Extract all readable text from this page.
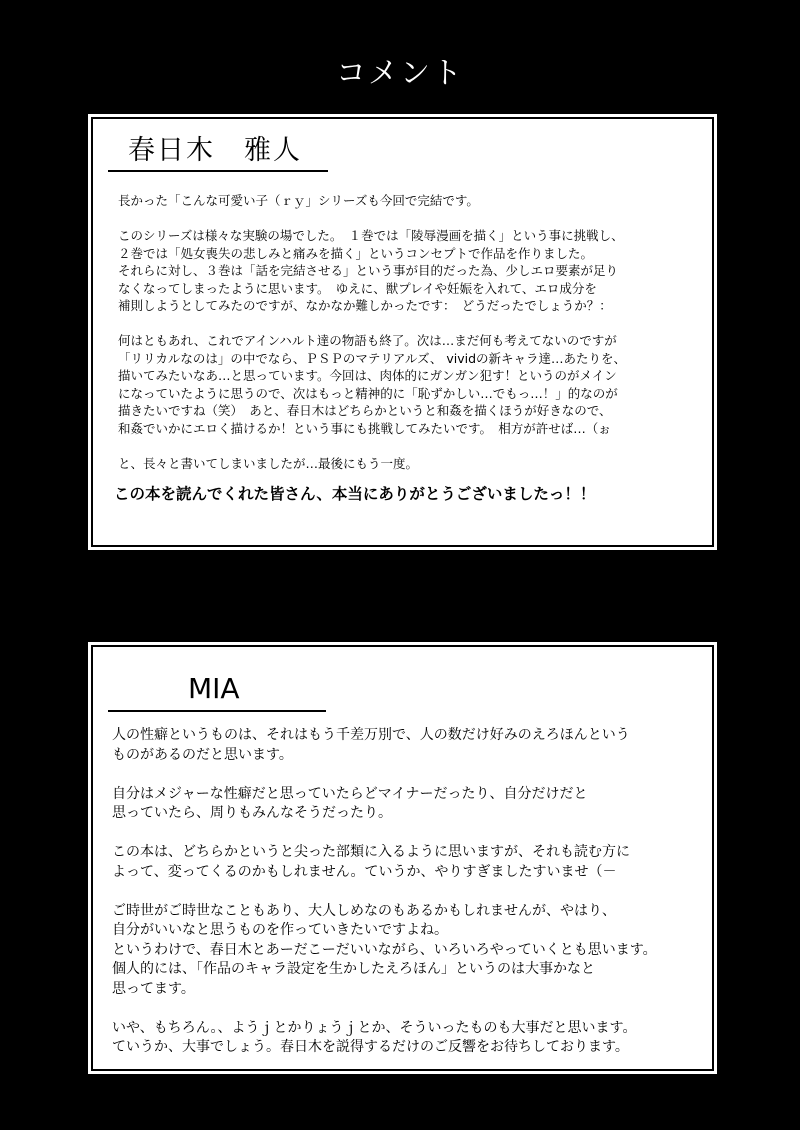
コメント
春日木　雅人
長かった「こんな可愛い子（ｒｙ」シリーズも今回で完結です。

このシリーズは様々な実験の場でした。　１巻では「陵辱漫画を描く」という事に挑戦し、
２巻では「処女喪失の悲しみと痛みを描く」というコンセプトで作品を作りました。
それらに対し、３巻は「話を完結させる」という事が目的だった為、少しエロ要素が足り
なくなってしまったように思います。　ゆえに、獣プレイや妊娠を入れて、エロ成分を
補則しようとしてみたのですが、なかなか難しかったです：　どうだったでしょうか？：

何はともあれ、これでアインハルト達の物語も終了。次は…まだ何も考えてないのですが
「リリカルなのは」の中でなら、ＰＳＰのマテリアルズ、 vividの新キャラ達…あたりを、
描いてみたいなあ…と思っています。今回は、肉体的にガンガン犯す！というのがメイン
になっていたように思うので、次はもっと精神的に「恥ずかしい…でもっ…！」的なのが
描きたいですね（笑）　あと、春日木はどちらかというと和姦を描くほうが好きなので、
和姦でいかにエロく描けるか！という事にも挑戦してみたいです。　相方が許せば…（ぉ

と、長々と書いてしまいましたが…最後にもう一度。
この本を読んでくれた皆さん、本当にありがとうございましたっ！！
MIA
人の性癖というものは、それはもう千差万別で、人の数だけ好みのえろほんという
ものがあるのだと思います。

自分はメジャーな性癖だと思っていたらどマイナーだったり、自分だけだと
思っていたら、周りもみんなそうだったり。

この本は、どちらかというと尖った部類に入るように思いますが、それも読む方に
よって、変ってくるのかもしれません。ていうか、やりすぎましたすいませ（－

ご時世がご時世なこともあり、大人しめなのもあるかもしれませんが、やはり、
自分がいいなと思うものを作っていきたいですよね。
というわけで、春日木とあーだこーだいいながら、いろいろやっていくとも思います。
個人的には、「作品のキャラ設定を生かしたえろほん」というのは大事かなと
思ってます。

いや、もちろん。、ようｊとかりょうｊとか、そういったものも大事だと思います。
ていうか、大事でしょう。春日木を説得するだけのご反響をお待ちしております。
